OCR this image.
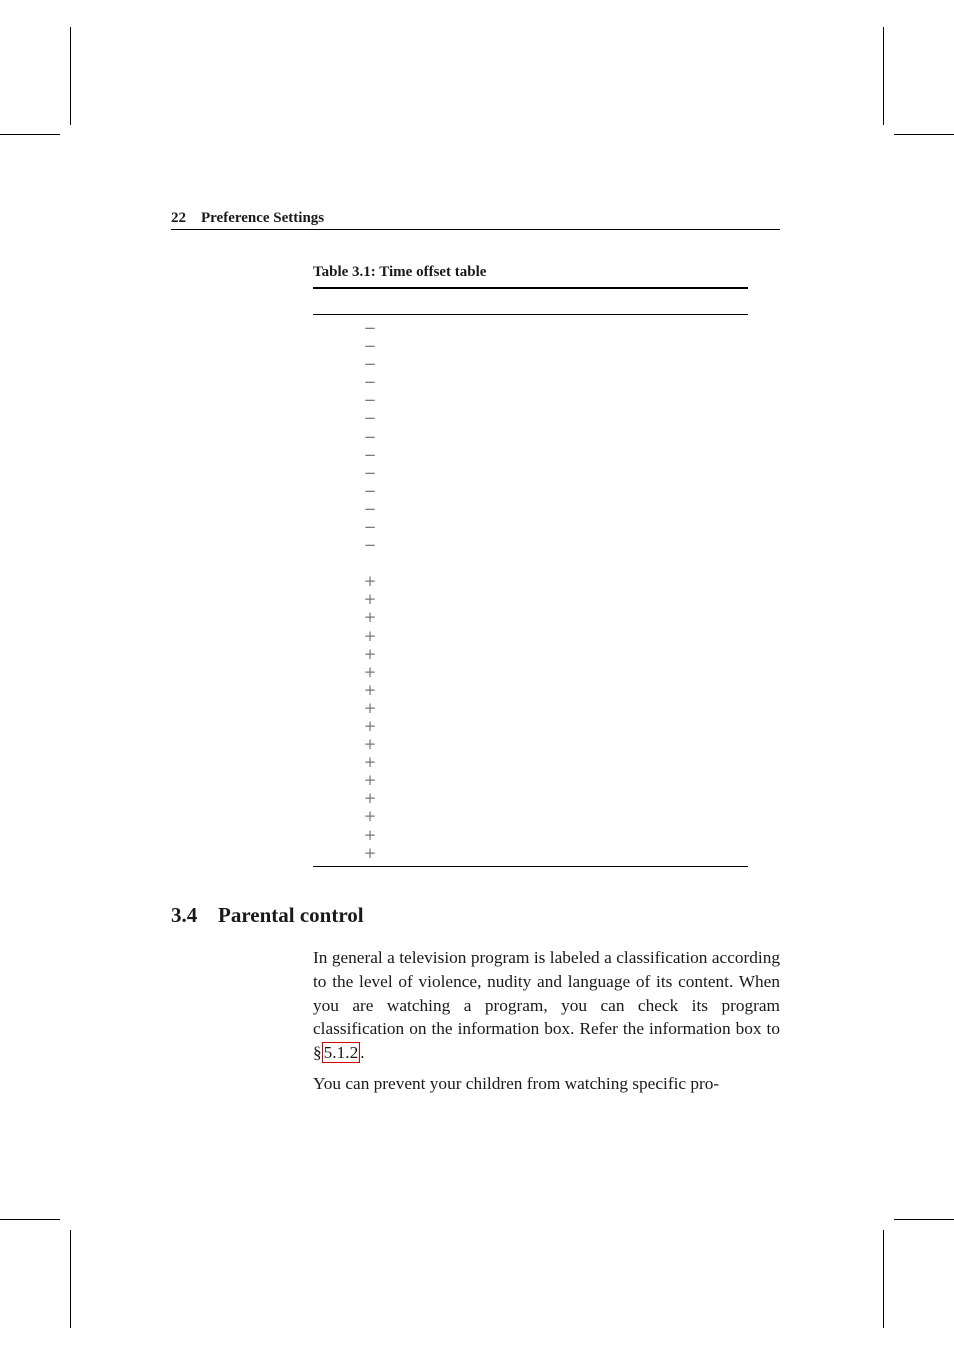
22 Preference Settings
Table 3.1: Time offset table
−
−
−
−
−
−
−
−
−
−
−
−
−
+
+
+
+
+
+
+
+
+
+
+
+
+
+
+
+
3.4 Parental control

In general a television program is labeled a classification according to the level of violence, nudity and language of its content. When you are watching a program, you can check its program classification on the information box. Refer the information box to § 5.1.2 .

You can prevent your children from watching specific pro-
